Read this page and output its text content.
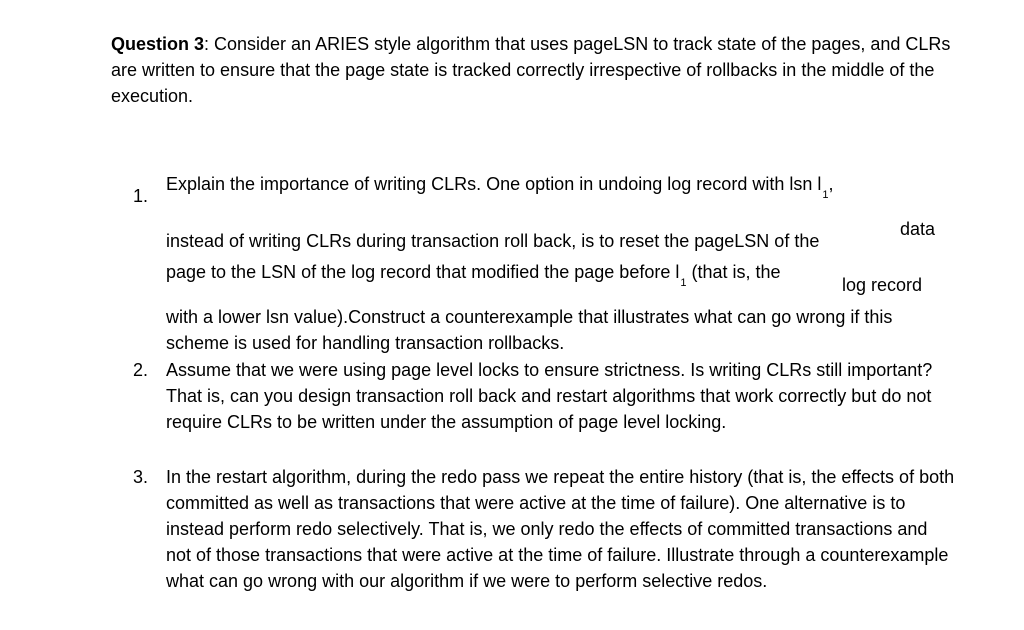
Question 3: Consider an ARIES style algorithm that uses pageLSN to track state of the pages, and CLRs are written to ensure that the page state is tracked correctly irrespective of rollbacks in the middle of the execution.
1.
Explain the importance of writing CLRs. One option in undoing log record with lsn $l_1$,
data
instead of writing CLRs during transaction roll back, is to reset the pageLSN of the
page to the LSN of the log record that modified the page before $l_1$ (that is, the
log record
with a lower lsn value).Construct a counterexample that illustrates what can go wrong if this scheme is used for handling transaction rollbacks.
2. Assume that we were using page level locks to ensure strictness. Is writing CLRs still important? That is, can you design transaction roll back and restart algorithms that work correctly but do not require CLRs to be written under the assumption of page level locking.
3. In the restart algorithm, during the redo pass we repeat the entire history (that is, the effects of both committed as well as transactions that were active at the time of failure). One alternative is to instead perform redo selectively. That is, we only redo the effects of committed transactions and not of those transactions that were active at the time of failure. Illustrate through a counterexample what can go wrong with our algorithm if we were to perform selective redos.
